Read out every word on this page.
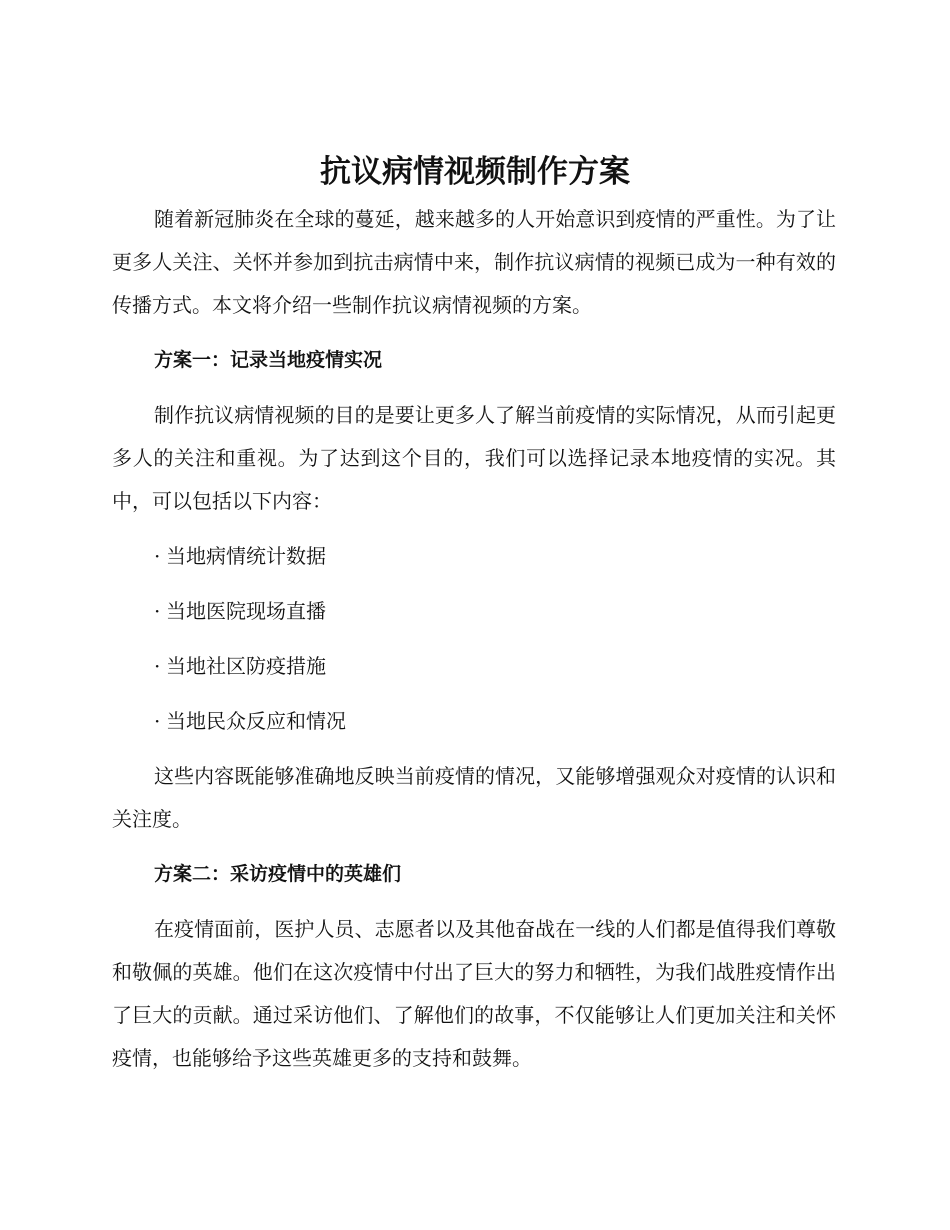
抗议病情视频制作方案

随着新冠肺炎在全球的蔓延，越来越多的人开始意识到疫情的严重性。为了让更多人关注、关怀并参加到抗击病情中来，制作抗议病情的视频已成为一种有效的传播方式。本文将介绍一些制作抗议病情视频的方案。

方案一：记录当地疫情实况

制作抗议病情视频的目的是要让更多人了解当前疫情的实际情况，从而引起更多人的关注和重视。为了达到这个目的，我们可以选择记录本地疫情的实况。其中，可以包括以下内容：

· 当地病情统计数据
· 当地医院现场直播
· 当地社区防疫措施
· 当地民众反应和情况

这些内容既能够准确地反映当前疫情的情况，又能够增强观众对疫情的认识和关注度。

方案二：采访疫情中的英雄们

在疫情面前，医护人员、志愿者以及其他奋战在一线的人们都是值得我们尊敬和敬佩的英雄。他们在这次疫情中付出了巨大的努力和牺牲，为我们战胜疫情作出了巨大的贡献。通过采访他们、了解他们的故事，不仅能够让人们更加关注和关怀疫情，也能够给予这些英雄更多的支持和鼓舞。
